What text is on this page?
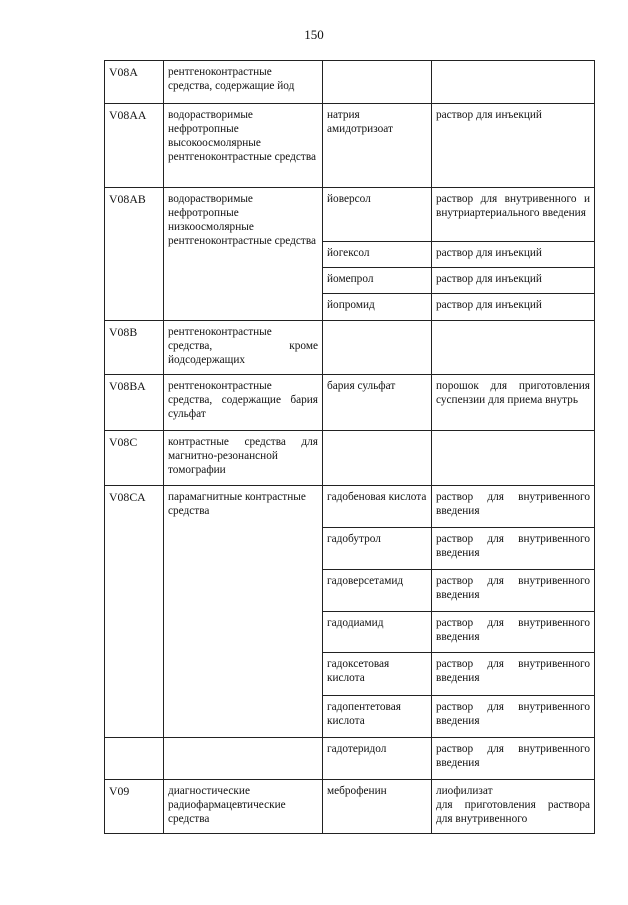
150
V08A	рентгеноконтрастные средства, содержащие йод		
V08AA	водорастворимые нефротропные высокоосмолярные рентгеноконтрастные средства	натрия амидотризоат	раствор для инъекций
V08AB	водорастворимые нефротропные низкоосмолярные рентгеноконтрастные средства	йоверсол	раствор для внутривенного и внутриартериального введения
		йогексол	раствор для инъекций
		йомепрол	раствор для инъекций
		йопромид	раствор для инъекций
V08B	рентгеноконтрастные средства, кроме йодсодержащих		
V08BA	рентгеноконтрастные средства, содержащие бария сульфат	бария сульфат	порошок для приготовления суспензии для приема внутрь
V08C	контрастные средства для магнитно-резонансной томографии		
V08CA	парамагнитные контрастные средства	гадобеновая кислота	раствор для внутривенного введения
		гадобутрол	раствор для внутривенного введения
		гадоверсетамид	раствор для внутривенного введения
		гадодиамид	раствор для внутривенного введения
		гадоксетовая кислота	раствор для внутривенного введения
		гадопентетовая кислота	раствор для внутривенного введения
		гадотеридол	раствор для внутривенного введения
V09	диагностические радиофармацевтические средства	меброфенин	лиофилизат
для приготовления раствора для внутривенного
